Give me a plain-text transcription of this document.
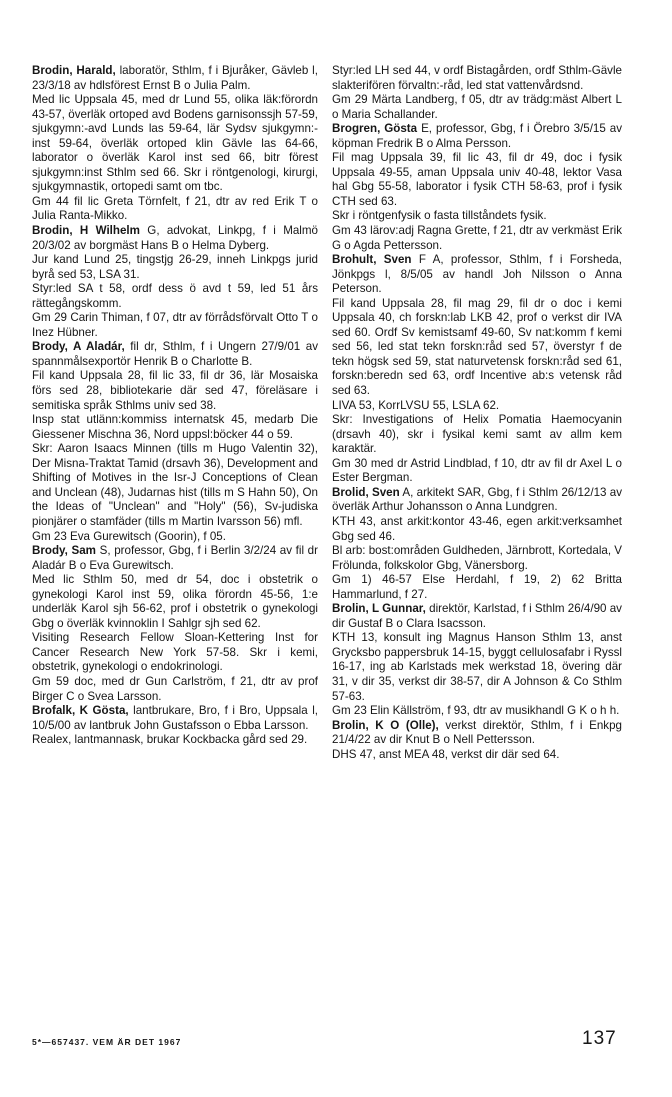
Brodin, Harald, laboratör, Sthlm, f i Bjuråker, Gävleb l, 23/3/18 av hdlsförest Ernst B o Julia Palm.

Med lic Uppsala 45, med dr Lund 55, olika läk:förordn 43-57, överläk ortoped avd Bodens garnisonssjh 57-59, sjukgymn:-avd Lunds las 59-64, lär Sydsv sjukgymn:-inst 59-64, överläk ortoped klin Gävle las 64-66, laborator o överläk Karol inst sed 66, bitr förest sjukgymn:inst Sthlm sed 66. Skr i röntgenologi, kirurgi, sjukgymnastik, ortopedi samt om tbc.

Gm 44 fil lic Greta Törnfelt, f 21, dtr av red Erik T o Julia Ranta-Mikko.

Brodin, H Wilhelm G, advokat, Linkpg, f i Malmö 20/3/02 av borgmäst Hans B o Helma Dyberg.

Jur kand Lund 25, tingstjg 26-29, inneh Linkpgs jurid byrå sed 53, LSA 31.

Styr:led SA t 58, ordf dess ö avd t 59, led 51 års rättegångskomm.

Gm 29 Carin Thiman, f 07, dtr av förrådsförvalt Otto T o Inez Hübner.

Brody, A Aladár, fil dr, Sthlm, f i Ungern 27/9/01 av spannmålsexportör Henrik B o Charlotte B.

Fil kand Uppsala 28, fil lic 33, fil dr 36, lär Mosaiska förs sed 28, bibliotekarie där sed 47, föreläsare i semitiska språk Sthlms univ sed 38.

Insp stat utlänn:kommiss internatsk 45, medarb Die Giessener Mischna 36, Nord uppsl:böcker 44 o 59.

Skr: Aaron Isaacs Minnen (tills m Hugo Valentin 32), Der Misna-Traktat Tamid (drsavh 36), Development and Shifting of Motives in the Isr-J Conceptions of Clean and Unclean (48), Judarnas hist (tills m S Hahn 50), On the Ideas of "Unclean" and "Holy" (56), Sv-judiska pionjärer o stamfäder (tills m Martin Ivarsson 56) mfl.

Gm 23 Eva Gurewitsch (Goorin), f 05.

Brody, Sam S, professor, Gbg, f i Berlin 3/2/24 av fil dr Aladár B o Eva Gurewitsch.

Med lic Sthlm 50, med dr 54, doc i obstetrik o gynekologi Karol inst 59, olika förordn 45-56, 1:e underläk Karol sjh 56-62, prof i obstetrik o gynekologi Gbg o överläk kvinnoklin I Sahlgr sjh sed 62.

Visiting Research Fellow Sloan-Kettering Inst for Cancer Research New York 57-58. Skr i kemi, obstetrik, gynekologi o endokrinologi.

Gm 59 doc, med dr Gun Carlström, f 21, dtr av prof Birger C o Svea Larsson.

Brofalk, K Gösta, lantbrukare, Bro, f i Bro, Uppsala l, 10/5/00 av lantbruk John Gustafsson o Ebba Larsson.

Realex, lantmannask, brukar Kockbacka gård sed 29.

Styr:led LH sed 44, v ordf Bistagården, ordf Sthlm-Gävle slakterifören förvaltn:-råd, led stat vattenvårdsnd.

Gm 29 Märta Landberg, f 05, dtr av trädg:mäst Albert L o Maria Schallander.

Brogren, Gösta E, professor, Gbg, f i Örebro 3/5/15 av köpman Fredrik B o Alma Persson.

Fil mag Uppsala 39, fil lic 43, fil dr 49, doc i fysik Uppsala 49-55, aman Uppsala univ 40-48, lektor Vasa hal Gbg 55-58, laborator i fysik CTH 58-63, prof i fysik CTH sed 63.

Skr i röntgenfysik o fasta tillståndets fysik.

Gm 43 lärov:adj Ragna Grette, f 21, dtr av verkmäst Erik G o Agda Pettersson.

Brohult, Sven F A, professor, Sthlm, f i Forsheda, Jönkpgs l, 8/5/05 av handl Joh Nilsson o Anna Peterson.

Fil kand Uppsala 28, fil mag 29, fil dr o doc i kemi Uppsala 40, ch forskn:lab LKB 42, prof o verkst dir IVA sed 60. Ordf Sv kemistsamf 49-60, Sv nat:komm f kemi sed 56, led stat tekn forskn:råd sed 57, överstyr f de tekn högsk sed 59, stat naturvetensk forskn:råd sed 61, forskn:beredn sed 63, ordf Incentive ab:s vetensk råd sed 63.

LIVA 53, KorrLVSU 55, LSLA 62.

Skr: Investigations of Helix Pomatia Haemocyanin (drsavh 40), skr i fysikal kemi samt av allm kem karaktär.

Gm 30 med dr Astrid Lindblad, f 10, dtr av fil dr Axel L o Ester Bergman.

Brolid, Sven A, arkitekt SAR, Gbg, f i Sthlm 26/12/13 av överläk Arthur Johansson o Anna Lundgren.

KTH 43, anst arkit:kontor 43-46, egen arkit:verksamhet Gbg sed 46.

Bl arb: bost:områden Guldheden, Järnbrott, Kortedala, V Frölunda, folkskolor Gbg, Vänersborg.

Gm 1) 46-57 Else Herdahl, f 19, 2) 62 Britta Hammarlund, f 27.

Brolin, L Gunnar, direktör, Karlstad, f i Sthlm 26/4/90 av dir Gustaf B o Clara Isacsson.

KTH 13, konsult ing Magnus Hanson Sthlm 13, anst Grycksbo pappersbruk 14-15, byggt cellulosafabr i Ryssl 16-17, ing ab Karlstads mek werkstad 18, övering där 31, v dir 35, verkst dir 38-57, dir A Johnson & Co Sthlm 57-63.

Gm 23 Elin Källström, f 93, dtr av musikhandl G K o h h.

Brolin, K O (Olle), verkst direktör, Sthlm, f i Enkpg 21/4/22 av dir Knut B o Nell Pettersson.

DHS 47, anst MEA 48, verkst dir där sed 64.

5*—657437. VEM ÄR DET 1967	137
